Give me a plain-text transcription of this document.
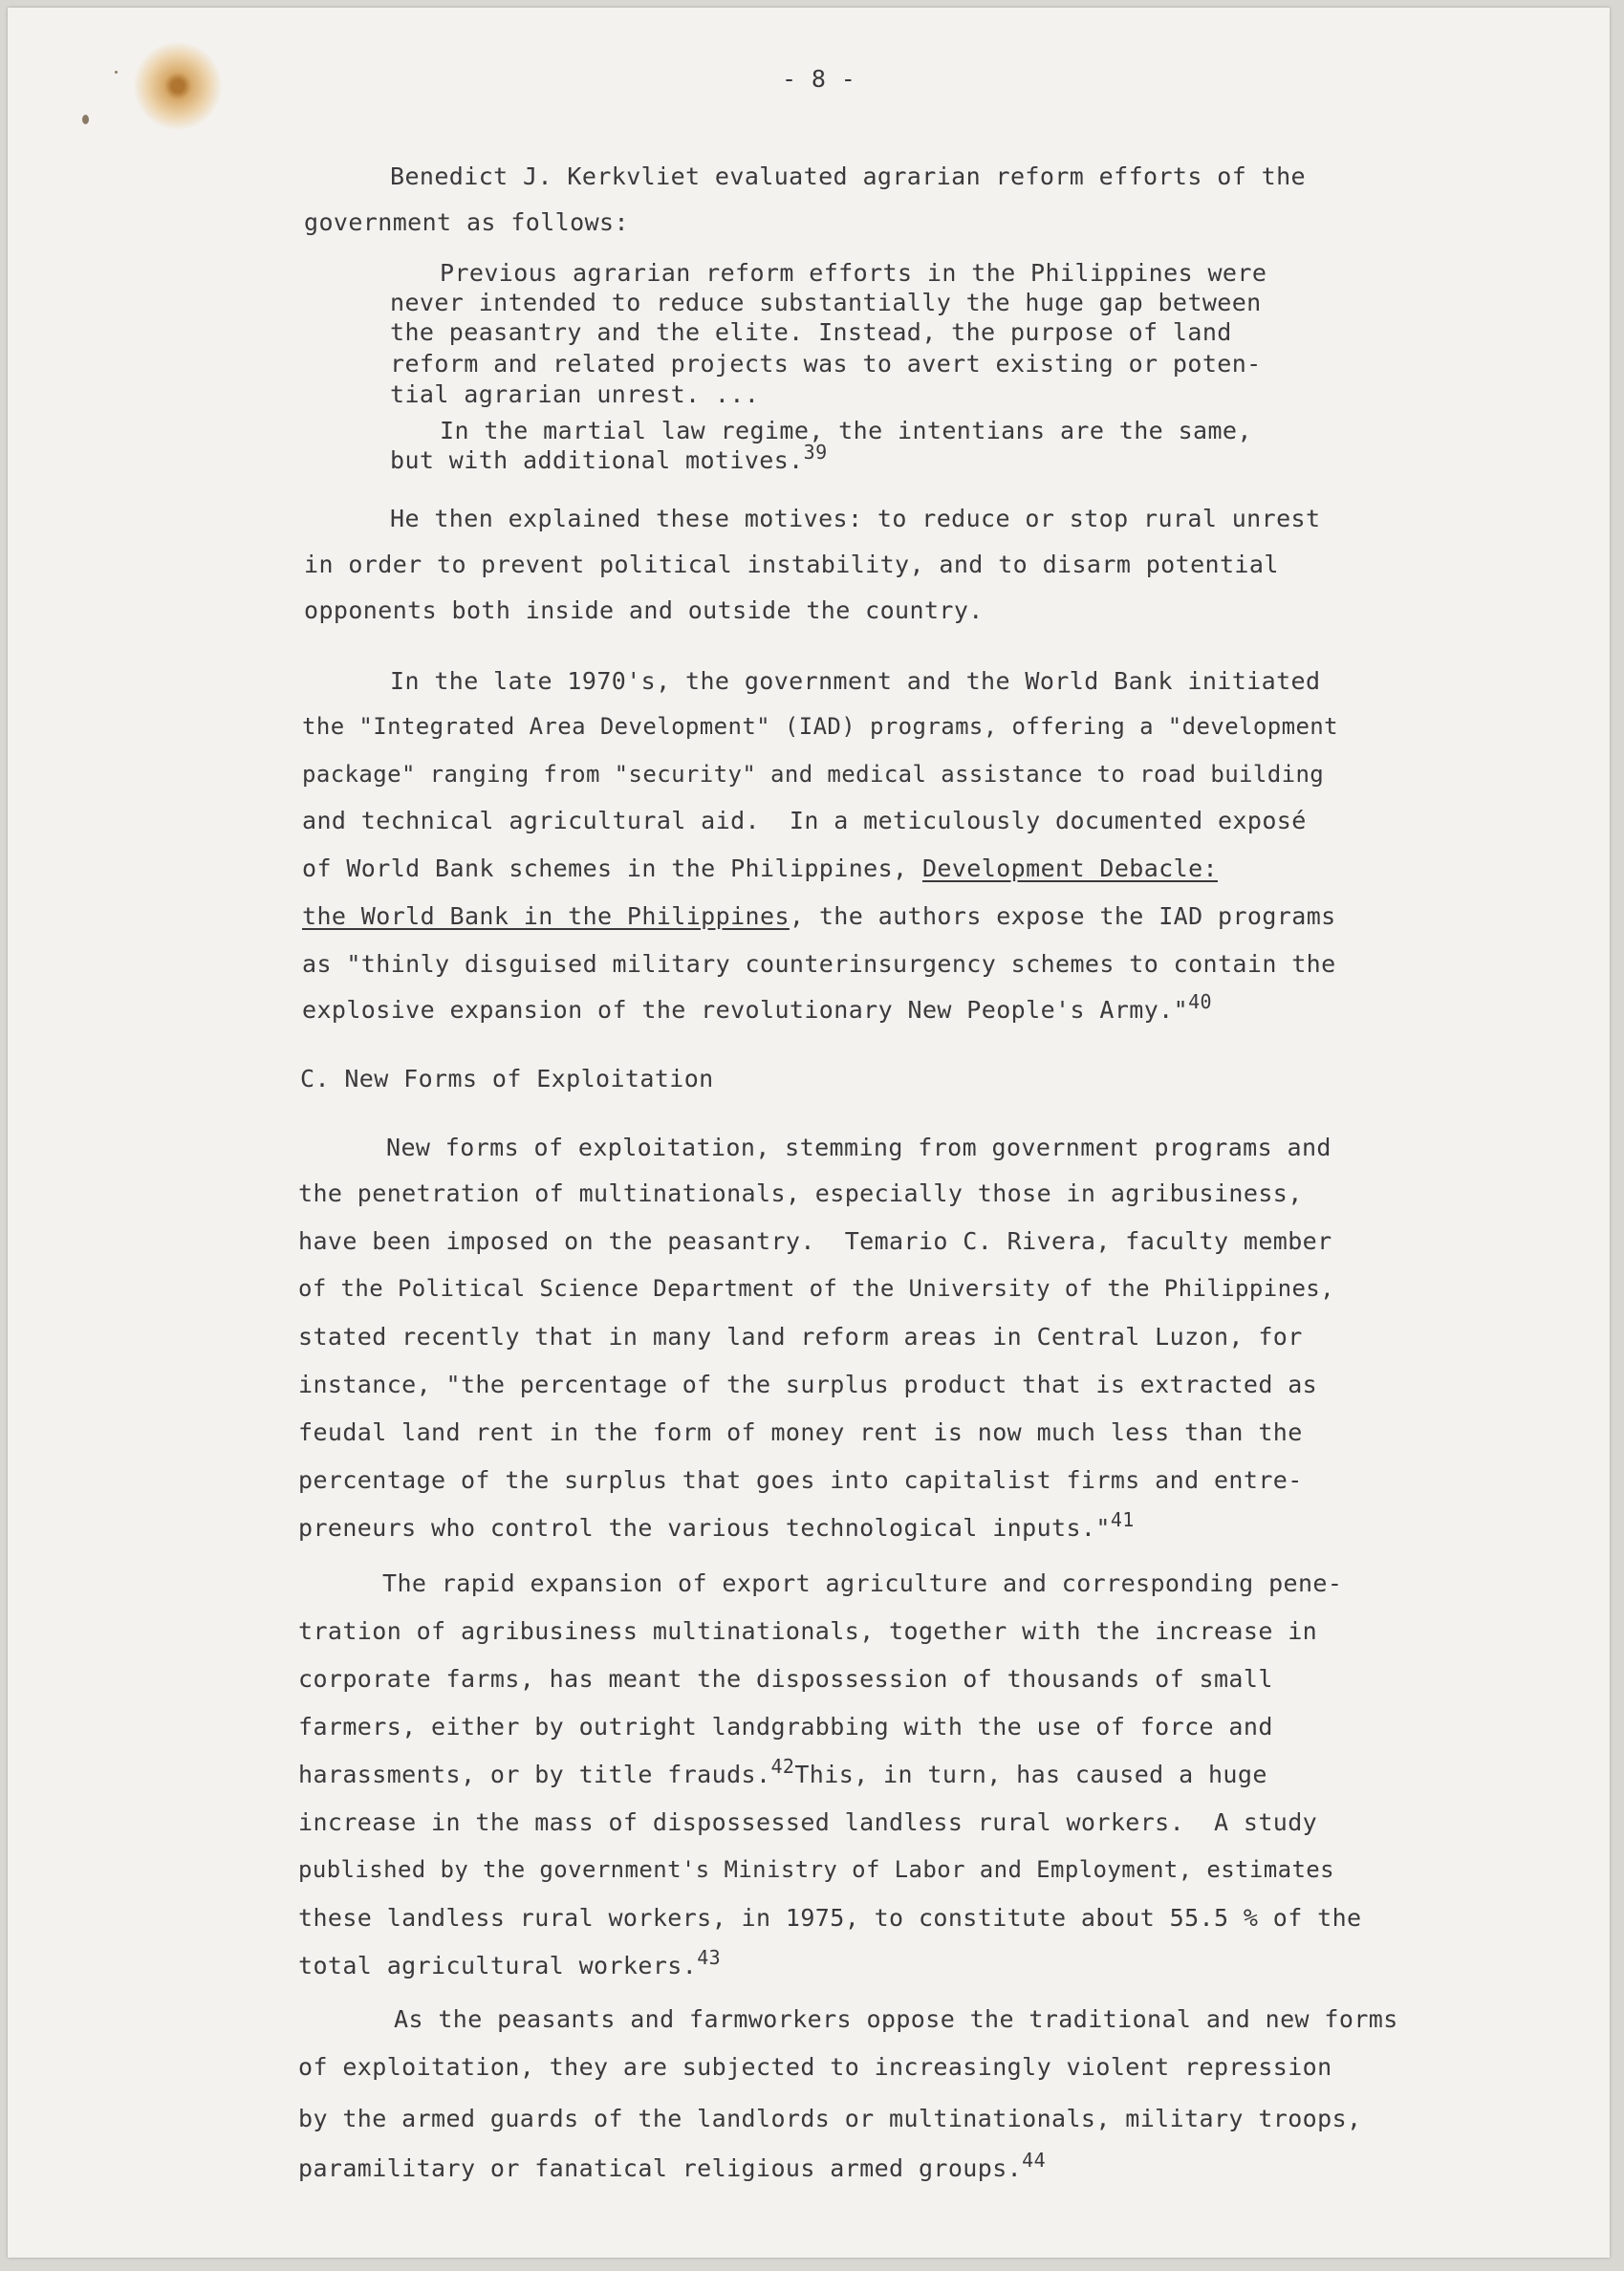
- 8 -
Benedict J. Kerkvliet evaluated agrarian reform efforts of the
government as follows:
Previous agrarian reform efforts in the Philippines were
never intended to reduce substantially the huge gap between
the peasantry and the elite. Instead, the purpose of land
reform and related projects was to avert existing or poten-
tial agrarian unrest. ...
In the martial law regime, the intentians are the same,
but with additional motives.$^{39}$
He then explained these motives: to reduce or stop rural unrest
in order to prevent political instability, and to disarm potential
opponents both inside and outside the country.
In the late 1970's, the government and the World Bank initiated
the "Integrated Area Development" (IAD) programs, offering a "development
package" ranging from "security" and medical assistance to road building
and technical agricultural aid.  In a meticulously documented exposé
of World Bank schemes in the Philippines, Development Debacle:
the World Bank in the Philippines, the authors expose the IAD programs
as "thinly disguised military counterinsurgency schemes to contain the
explosive expansion of the revolutionary New People's Army."$^{40}$
C. New Forms of Exploitation
New forms of exploitation, stemming from government programs and
the penetration of multinationals, especially those in agribusiness,
have been imposed on the peasantry.  Temario C. Rivera, faculty member
of the Political Science Department of the University of the Philippines,
stated recently that in many land reform areas in Central Luzon, for
instance, "the percentage of the surplus product that is extracted as
feudal land rent in the form of money rent is now much less than the
percentage of the surplus that goes into capitalist firms and entre-
preneurs who control the various technological inputs."$^{41}$
The rapid expansion of export agriculture and corresponding pene-
tration of agribusiness multinationals, together with the increase in
corporate farms, has meant the dispossession of thousands of small
farmers, either by outright landgrabbing with the use of force and
harassments, or by title frauds.$^{42}$This, in turn, has caused a huge
increase in the mass of dispossessed landless rural workers.  A study
published by the government's Ministry of Labor and Employment, estimates
these landless rural workers, in 1975, to constitute about 55.5 % of the
total agricultural workers.$^{43}$
As the peasants and farmworkers oppose the traditional and new forms
of exploitation, they are subjected to increasingly violent repression
by the armed guards of the landlords or multinationals, military troops,
paramilitary or fanatical religious armed groups.$^{44}$
